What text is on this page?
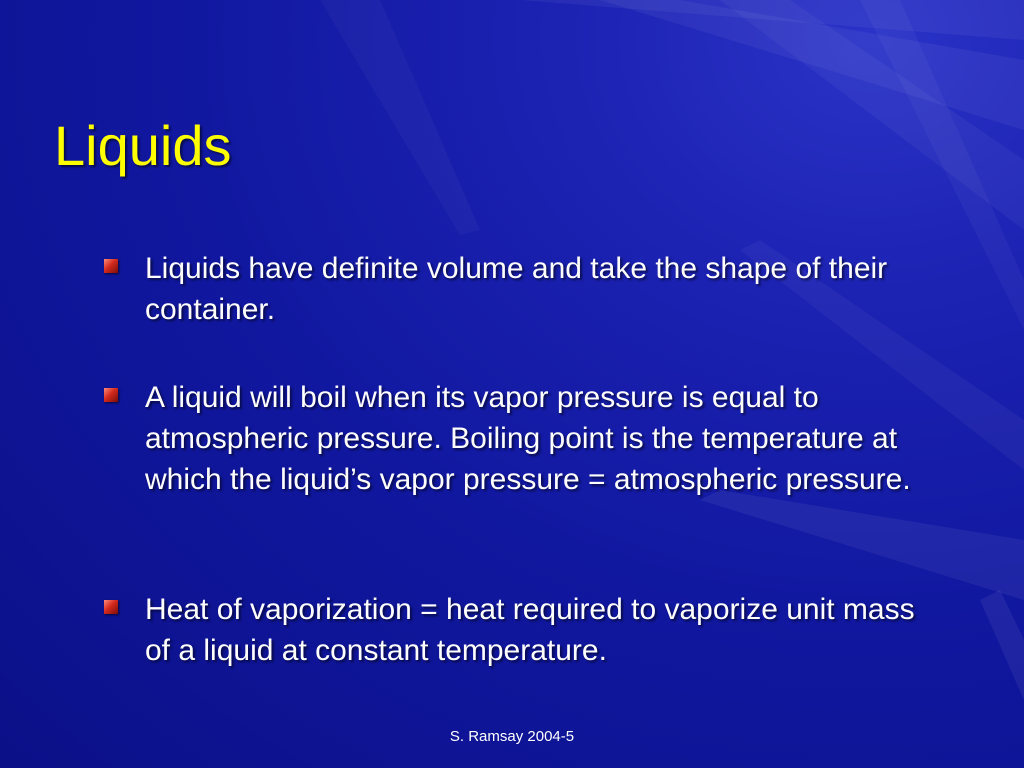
Liquids
Liquids have definite volume and take the shape of their container.
A liquid will boil when its vapor pressure is equal to atmospheric pressure. Boiling point is the temperature at which the liquid’s vapor pressure = atmospheric pressure.
Heat of vaporization = heat required to vaporize unit mass of a liquid at constant temperature.
S. Ramsay 2004-5
